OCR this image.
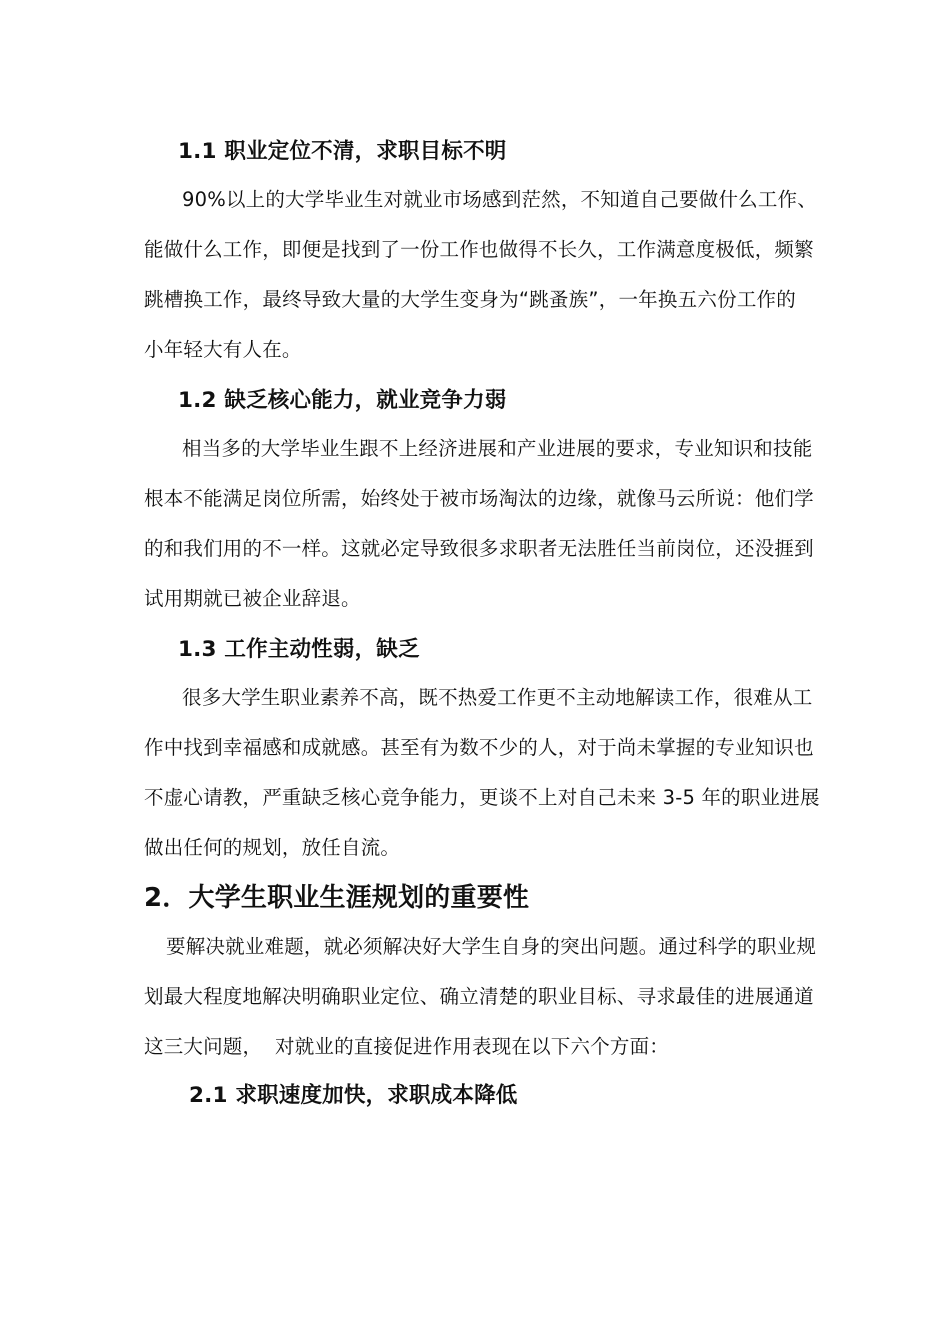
1.1 职业定位不清，求职目标不明

90%以上的大学毕业生对就业市场感到茫然，不知道自己要做什么工作、

能做什么工作，即便是找到了一份工作也做得不长久，工作满意度极低，频繁

跳槽换工作，最终导致大量的大学生变身为“跳蚤族”，一年换五六份工作的

小年轻大有人在。

1.2 缺乏核心能力，就业竞争力弱

相当多的大学毕业生跟不上经济进展和产业进展的要求，专业知识和技能

根本不能满足岗位所需，始终处于被市场淘汰的边缘，就像马云所说：他们学

的和我们用的不一样。这就必定导致很多求职者无法胜任当前岗位，还没捱到

试用期就已被企业辞退。

1.3 工作主动性弱，缺乏

很多大学生职业素养不高，既不热爱工作更不主动地解读工作，很难从工

作中找到幸福感和成就感。甚至有为数不少的人，对于尚未掌握的专业知识也

不虚心请教，严重缺乏核心竞争能力，更谈不上对自己未来 3-5 年的职业进展

做出任何的规划，放任自流。

2．大学生职业生涯规划的重要性

要解决就业难题，就必须解决好大学生自身的突出问题。通过科学的职业规

划最大程度地解决明确职业定位、确立清楚的职业目标、寻求最佳的进展通道

这三大问题，  对就业的直接促进作用表现在以下六个方面：

2.1 求职速度加快，求职成本降低
